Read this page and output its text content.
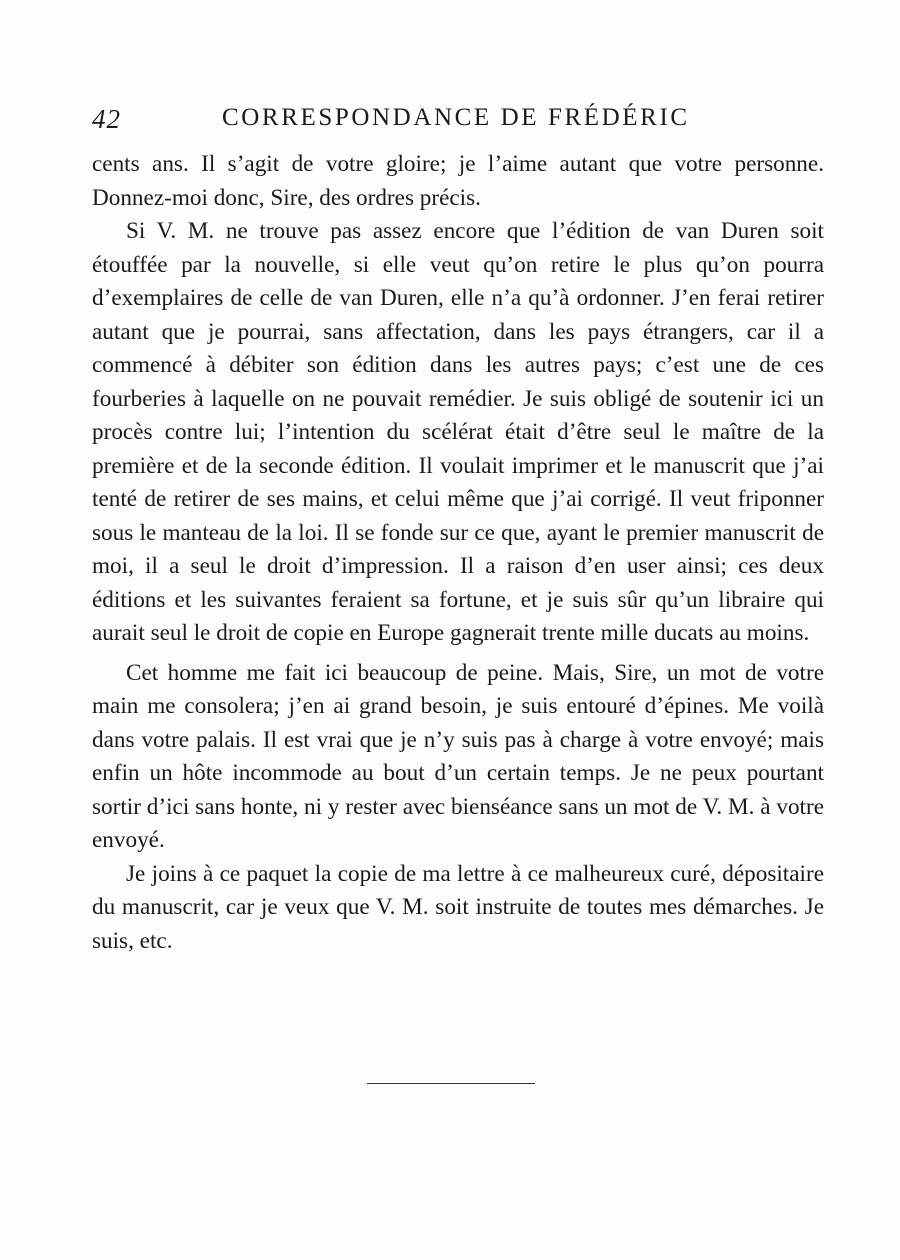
42	CORRESPONDANCE DE FRÉDÉRIC

cents ans. Il s’agit de votre gloire; je l’aime autant que votre personne. Donnez-moi donc, Sire, des ordres précis.

Si V. M. ne trouve pas assez encore que l’édition de van Duren soit étouffée par la nouvelle, si elle veut qu’on retire le plus qu’on pourra d’exemplaires de celle de van Duren, elle n’a qu’à ordonner. J’en ferai retirer autant que je pourrai, sans affectation, dans les pays étrangers, car il a commencé à débiter son édition dans les autres pays; c’est une de ces fourberies à laquelle on ne pouvait remédier. Je suis obligé de soutenir ici un procès contre lui; l’intention du scélérat était d’être seul le maître de la première et de la seconde édition. Il voulait imprimer et le manuscrit que j’ai tenté de retirer de ses mains, et celui même que j’ai corrigé. Il veut friponner sous le manteau de la loi. Il se fonde sur ce que, ayant le premier manuscrit de moi, il a seul le droit d’impression. Il a raison d’en user ainsi; ces deux éditions et les suivantes feraient sa fortune, et je suis sûr qu’un libraire qui aurait seul le droit de copie en Europe gagnerait trente mille ducats au moins.

Cet homme me fait ici beaucoup de peine. Mais, Sire, un mot de votre main me consolera; j’en ai grand besoin, je suis entouré d’épines. Me voilà dans votre palais. Il est vrai que je n’y suis pas à charge à votre envoyé; mais enfin un hôte incommode au bout d’un certain temps. Je ne peux pourtant sortir d’ici sans honte, ni y rester avec bienséance sans un mot de V. M. à votre envoyé.

Je joins à ce paquet la copie de ma lettre à ce malheureux curé, dépositaire du manuscrit, car je veux que V. M. soit instruite de toutes mes démarches. Je suis, etc.
